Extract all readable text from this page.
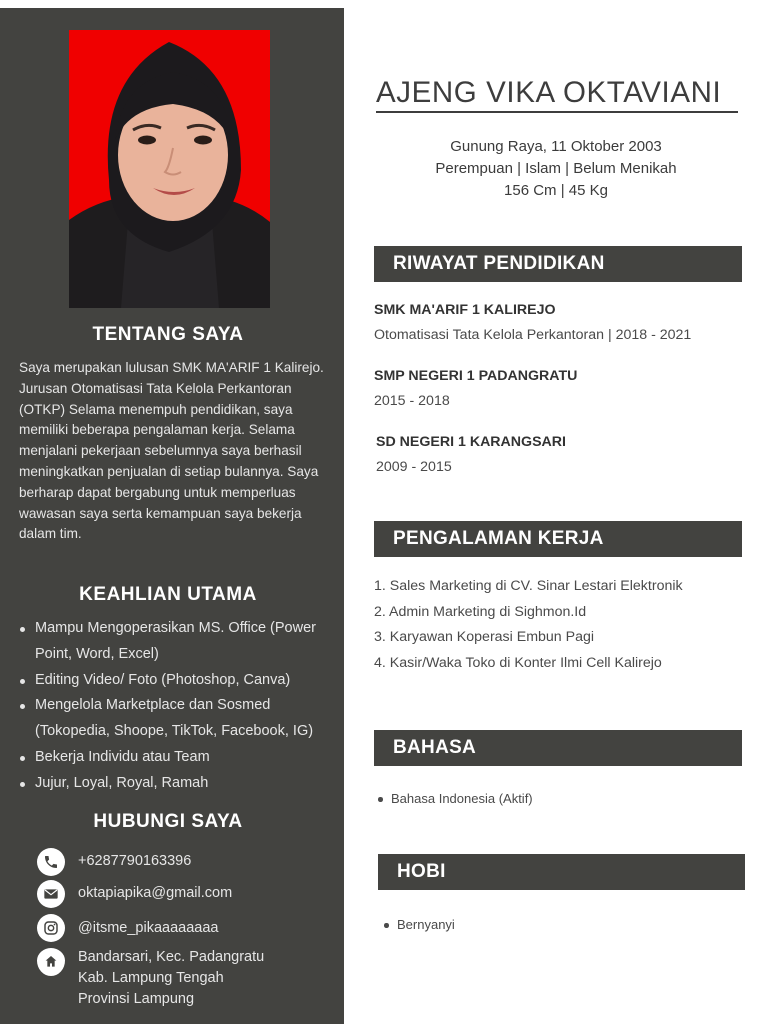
TENTANG SAYA
Saya merupakan lulusan SMK MA'ARIF 1 Kalirejo. Jurusan Otomatisasi Tata Kelola Perkantoran (OTKP) Selama menempuh pendidikan, saya memiliki beberapa pengalaman kerja. Selama menjalani pekerjaan sebelumnya saya berhasil meningkatkan penjualan di setiap bulannya. Saya berharap dapat bergabung untuk memperluas wawasan saya serta kemampuan saya bekerja dalam tim.
KEAHLIAN UTAMA
Mampu Mengoperasikan MS. Office (Power Point, Word, Excel)
Editing Video/ Foto (Photoshop, Canva)
Mengelola Marketplace dan Sosmed (Tokopedia, Shoope, TikTok, Facebook, IG)
Bekerja Individu atau Team
Jujur, Loyal, Royal, Ramah
HUBUNGI SAYA
+6287790163396
oktapiapika@gmail.com
@itsme_pikaaaaaaaa
Bandarsari, Kec. Padangratu
Kab. Lampung Tengah
Provinsi Lampung
AJENG VIKA OKTAVIANI
Gunung Raya, 11 Oktober 2003
Perempuan | Islam | Belum Menikah
156 Cm | 45 Kg
RIWAYAT PENDIDIKAN
SMK MA'ARIF 1 KALIREJO
Otomatisasi Tata Kelola Perkantoran | 2018 - 2021
SMP NEGERI 1 PADANGRATU
2015 - 2018
SD NEGERI 1 KARANGSARI
2009 - 2015
PENGALAMAN KERJA
1. Sales Marketing di CV. Sinar Lestari Elektronik
2. Admin Marketing di Sighmon.Id
3. Karyawan Koperasi Embun Pagi
4. Kasir/Waka Toko di Konter Ilmi Cell Kalirejo
BAHASA
Bahasa Indonesia (Aktif)
HOBI
Bernyanyi
